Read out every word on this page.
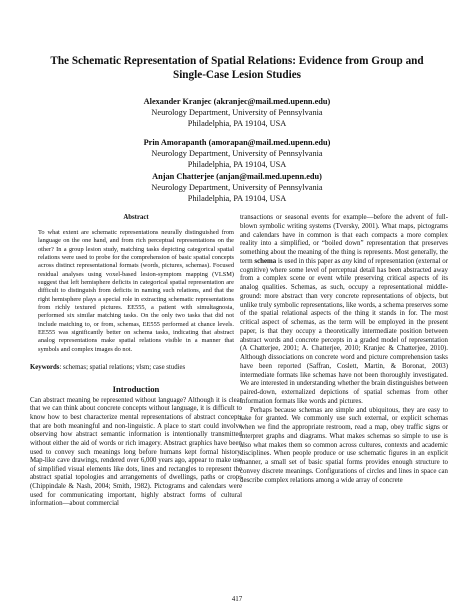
The Schematic Representation of Spatial Relations: Evidence from Group and Single-Case Lesion Studies
Alexander Kranjec (akranjec@mail.med.upenn.edu)
Neurology Department, University of Pennsylvania
Philadelphia, PA 19104, USA
Prin Amorapanth (amorapan@mail.med.upenn.edu)
Neurology Department, University of Pennsylvania
Philadelphia, PA 19104, USA
Anjan Chatterjee (anjan@mail.med.upenn.edu)
Neurology Department, University of Pennsylvania
Philadelphia, PA 19104, USA
Abstract

To what extent are schematic representations neurally distinguished from language on the one hand, and from rich perceptual representations on the other? In a group lesion study, matching tasks depicting categorical spatial relations were used to probe for the comprehension of basic spatial concepts across distinct representational formats (words, pictures, schemas). Focused residual analyses using voxel-based lesion-symptom mapping (VLSM) suggest that left hemisphere deficits in categorical spatial representation are difficult to distinguish from deficits in naming such relations, and that the right hemisphere plays a special role in extracting schematic representations from richly textured pictures. EE555, a patient with simultagnosia, performed six similar matching tasks. On the only two tasks that did not include matching to, or from, schemas, EE555 performed at chance levels. EE555 was significantly better on schema tasks, indicating that abstract analog representations make spatial relations visible in a manner that symbols and complex images do not.

Keywords: schemas; spatial relations; vlsm; case studies

Introduction

Can abstract meaning be represented without language? Although it is clear that we can think about concrete concepts without language, it is difficult to know how to best characterize mental representations of abstract concepts that are both meaningful and non-linguistic. A place to start could involve observing how abstract semantic information is intentionally transmitted without either the aid of words or rich imagery. Abstract graphics have been used to convey such meanings long before humans kept formal history. Map-like cave drawings, rendered over 6,000 years ago, appear to make use of simplified visual elements like dots, lines and rectangles to represent the abstract spatial topologies and arrangements of dwellings, paths or crops (Chippindale & Nash, 2004; Smith, 1982). Pictograms and calendars were used for communicating important, highly abstract forms of cultural information—about commercial

transactions or seasonal events for example—before the advent of full-blown symbolic writing systems (Tversky, 2001). What maps, pictograms and calendars have in common is that each compacts a more complex reality into a simplified, or “boiled down” representation that preserves something about the meaning of the thing is represents. Most generally, the term schema is used in this paper as any kind of representation (external or cognitive) where some level of perceptual detail has been abstracted away from a complex scene or event while preserving critical aspects of its analog qualities. Schemas, as such, occupy a representational middle-ground: more abstract than very concrete representations of objects, but unlike truly symbolic representations, like words, a schema preserves some of the spatial relational aspects of the thing it stands in for. The most critical aspect of schemas, as the term will be employed in the present paper, is that they occupy a theoretically intermediate position between abstract words and concrete percepts in a graded model of representation (A Chatterjee, 2001; A. Chatterjee, 2010; Kranjec & Chatterjee, 2010). Although dissociations on concrete word and picture comprehension tasks have been reported (Saffran, Coslett, Martin, & Boronat, 2003) intermediate formats like schemas have not been thoroughly investigated. We are interested in understanding whether the brain distinguishes between paired-down, externalized depictions of spatial schemas from other information formats like words and pictures.

Perhaps because schemas are simple and ubiquitous, they are easy to take for granted. We commonly use such external, or explicit schemas when we find the appropriate restroom, read a map, obey traffic signs or interpret graphs and diagrams. What makes schemas so simple to use is also what makes them so common across cultures, contexts and academic disciplines. When people produce or use schematic figures in an explicit manner, a small set of basic spatial forms provides enough structure to convey discrete meanings. Configurations of circles and lines in space can describe complex relations among a wide array of concrete

417
